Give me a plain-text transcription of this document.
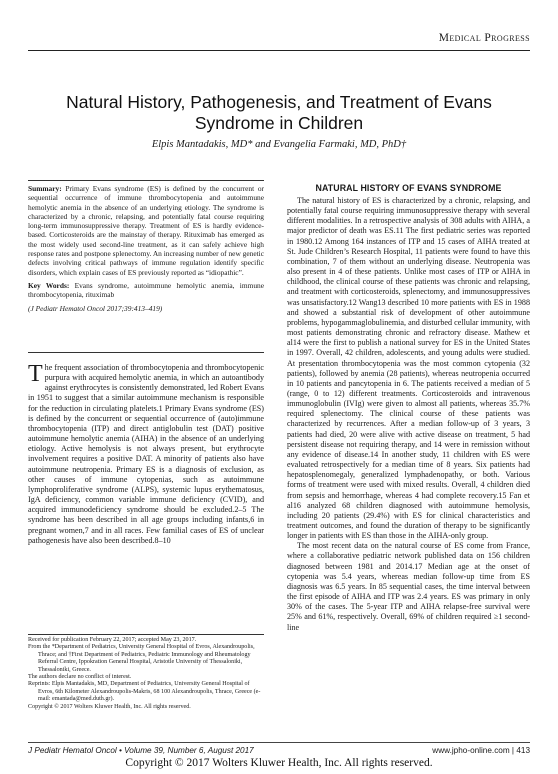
Medical Progress
Natural History, Pathogenesis, and Treatment of Evans Syndrome in Children
Elpis Mantadakis, MD* and Evangelia Farmaki, MD, PhD†

Summary: Primary Evans syndrome (ES) is defined by the concurrent or sequential occurrence of immune thrombocytopenia and autoimmune hemolytic anemia in the absence of an underlying etiology. The syndrome is characterized by a chronic, relapsing, and potentially fatal course requiring long-term immunosuppressive therapy. Treatment of ES is hardly evidence-based. Corticosteroids are the mainstay of therapy. Rituximab has emerged as the most widely used second-line treatment, as it can safely achieve high response rates and postpone splenectomy. An increasing number of new genetic defects involving critical pathways of immune regulation identify specific disorders, which explain cases of ES previously reported as “idiopathic”.

Key Words: Evans syndrome, autoimmune hemolytic anemia, immune thrombocytopenia, rituximab

(J Pediatr Hematol Oncol 2017;39:413–419)

The frequent association of thrombocytopenia and thrombocytopenic purpura with acquired hemolytic anemia, in which an autoantibody against erythrocytes is consistently demonstrated, led Robert Evans in 1951 to suggest that a similar autoimmune mechanism is responsible for the reduction in circulating platelets.1 Primary Evans syndrome (ES) is defined by the concurrent or sequential occurrence of (auto)immune thrombocytopenia (ITP) and direct antiglobulin test (DAT) positive autoimmune hemolytic anemia (AIHA) in the absence of an underlying etiology. Active hemolysis is not always present, but erythrocyte involvement requires a positive DAT. A minority of patients also have autoimmune neutropenia. Primary ES is a diagnosis of exclusion, as other causes of immune cytopenias, such as autoimmune lymphoproliferative syndrome (ALPS), systemic lupus erythematosus, IgA deficiency, common variable immune deficiency (CVID), and acquired immunodeficiency syndrome should be excluded.2–5 The syndrome has been described in all age groups including infants,6 in pregnant women,7 and in all races. Few familial cases of ES of unclear pathogenesis have also been described.8–10
Received for publication February 22, 2017; accepted May 23, 2017.
From the *Department of Pediatrics, University General Hospital of Evros, Alexandroupolis, Thrace; and †First Department of Pediatrics, Pediatric Immunology and Rheumatology Referral Centre, Ippokration General Hospital, Aristotle University of Thessaloniki, Thessaloniki, Greece.
The authors declare no conflict of interest.
Reprints: Elpis Mantadakis, MD, Department of Pediatrics, University General Hospital of Evros, 6th Kilometer Alexandroupolis-Makris, 68 100 Alexandroupolis, Thrace, Greece (e-mail: emantada@med.duth.gr).
Copyright © 2017 Wolters Kluwer Health, Inc. All rights reserved.
NATURAL HISTORY OF EVANS SYNDROME

The natural history of ES is characterized by a chronic, relapsing, and potentially fatal course requiring immunosuppressive therapy with several different modalities. In a retrospective analysis of 308 adults with AIHA, a major predictor of death was ES.11 The first pediatric series was reported in 1980.12 Among 164 instances of ITP and 15 cases of AIHA treated at St. Jude Children’s Research Hospital, 11 patients were found to have this combination, 7 of them without an underlying disease. Neutropenia was also present in 4 of these patients. Unlike most cases of ITP or AIHA in childhood, the clinical course of these patients was chronic and relapsing, and treatment with corticosteroids, splenectomy, and immunosuppressives was unsatisfactory.12 Wang13 described 10 more patients with ES in 1988 and showed a substantial risk of development of other autoimmune problems, hypogammaglobulinemia, and disturbed cellular immunity, with most patients demonstrating chronic and refractory disease. Mathew et al14 were the first to publish a national survey for ES in the United States in 1997. Overall, 42 children, adolescents, and young adults were studied. At presentation thrombocytopenia was the most common cytopenia (32 patients), followed by anemia (28 patients), whereas neutropenia occurred in 10 patients and pancytopenia in 6. The patients received a median of 5 (range, 0 to 12) different treatments. Corticosteroids and intravenous immunoglobulin (IVIg) were given to almost all patients, whereas 35.7% required splenectomy. The clinical course of these patients was characterized by recurrences. After a median follow-up of 3 years, 3 patients had died, 20 were alive with active disease on treatment, 5 had persistent disease not requiring therapy, and 14 were in remission without any evidence of disease.14 In another study, 11 children with ES were evaluated retrospectively for a median time of 8 years. Six patients had hepatosplenomegaly, generalized lymphadenopathy, or both. Various forms of treatment were used with mixed results. Overall, 4 children died from sepsis and hemorrhage, whereas 4 had complete recovery.15 Fan et al16 analyzed 68 children diagnosed with autoimmune hemolysis, including 20 patients (29.4%) with ES for clinical characteristics and treatment outcomes, and found the duration of therapy to be significantly longer in patients with ES than those in the AIHA-only group.

The most recent data on the natural course of ES come from France, where a collaborative pediatric network published data on 156 children diagnosed between 1981 and 2014.17 Median age at the onset of cytopenia was 5.4 years, whereas median follow-up time from ES diagnosis was 6.5 years. In 85 sequential cases, the time interval between the first episode of AIHA and ITP was 2.4 years. ES was primary in only 30% of the cases. The 5-year ITP and AIHA relapse-free survival were 25% and 61%, respectively. Overall, 69% of children required ≥1 second-line

J Pediatr Hematol Oncol • Volume 39, Number 6, August 2017	www.jpho-online.com | 413
Copyright © 2017 Wolters Kluwer Health, Inc. All rights reserved.
